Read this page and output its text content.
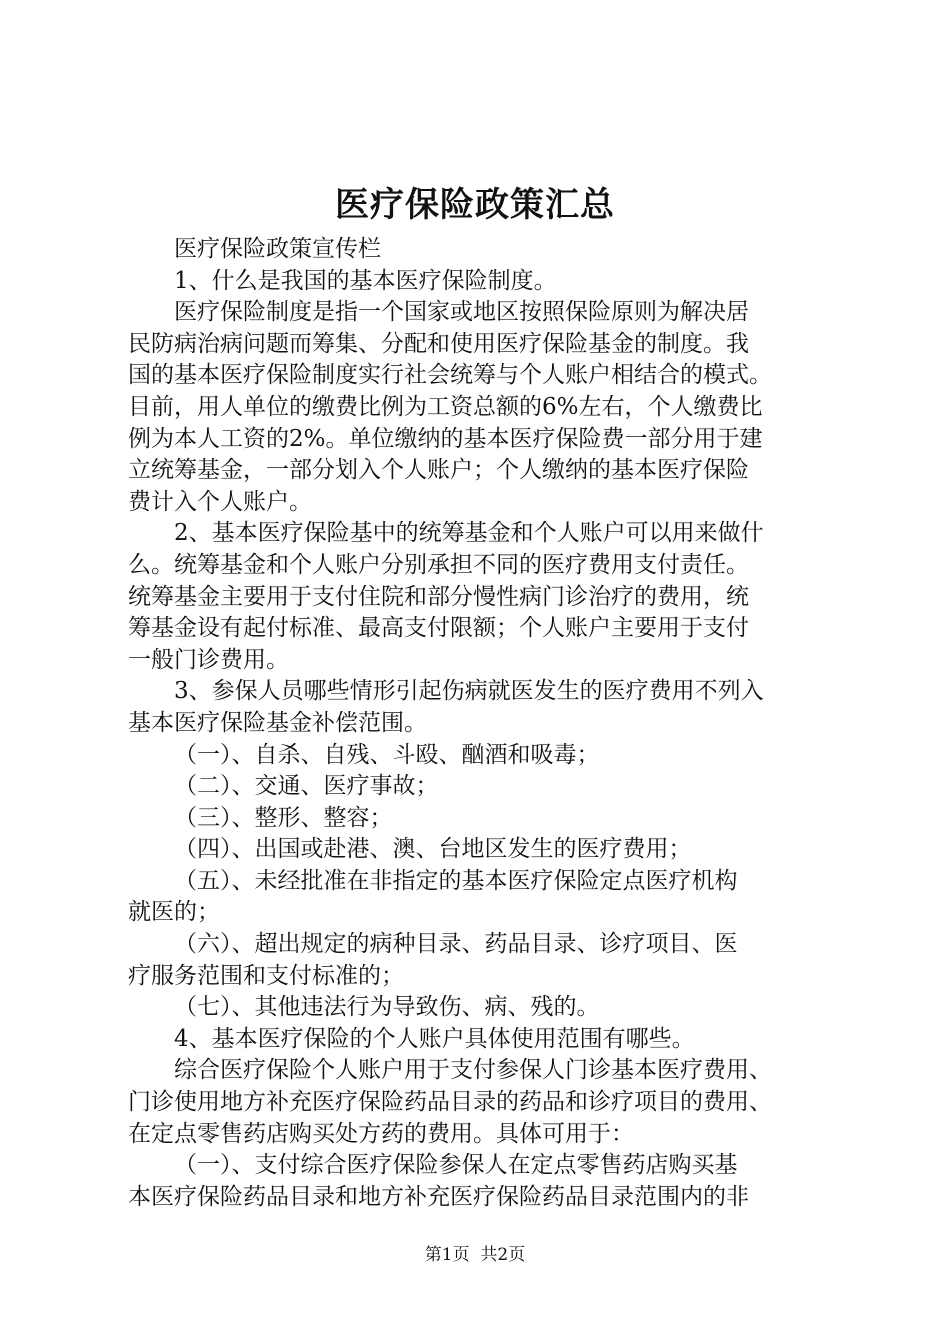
医疗保险政策汇总
医疗保险政策宣传栏
1、什么是我国的基本医疗保险制度。
医疗保险制度是指一个国家或地区按照保险原则为解决居
民防病治病问题而筹集、分配和使用医疗保险基金的制度。我
国的基本医疗保险制度实行社会统筹与个人账户相结合的模式。
目前，用人单位的缴费比例为工资总额的6%左右，个人缴费比
例为本人工资的2%。单位缴纳的基本医疗保险费一部分用于建
立统筹基金，一部分划入个人账户；个人缴纳的基本医疗保险
费计入个人账户。
2、基本医疗保险基中的统筹基金和个人账户可以用来做什
么。统筹基金和个人账户分别承担不同的医疗费用支付责任。
统筹基金主要用于支付住院和部分慢性病门诊治疗的费用，统
筹基金设有起付标准、最高支付限额；个人账户主要用于支付
一般门诊费用。
3、参保人员哪些情形引起伤病就医发生的医疗费用不列入
基本医疗保险基金补偿范围。
（一）、自杀、自残、斗殴、酗酒和吸毒；
（二）、交通、医疗事故；
（三）、整形、整容；
（四）、出国或赴港、澳、台地区发生的医疗费用；
（五）、未经批准在非指定的基本医疗保险定点医疗机构
就医的；
（六）、超出规定的病种目录、药品目录、诊疗项目、医
疗服务范围和支付标准的；
（七）、其他违法行为导致伤、病、残的。
4、基本医疗保险的个人账户具体使用范围有哪些。
综合医疗保险个人账户用于支付参保人门诊基本医疗费用、
门诊使用地方补充医疗保险药品目录的药品和诊疗项目的费用、
在定点零售药店购买处方药的费用。具体可用于：
（一）、支付综合医疗保险参保人在定点零售药店购买基
本医疗保险药品目录和地方补充医疗保险药品目录范围内的非
第1页 共2页
